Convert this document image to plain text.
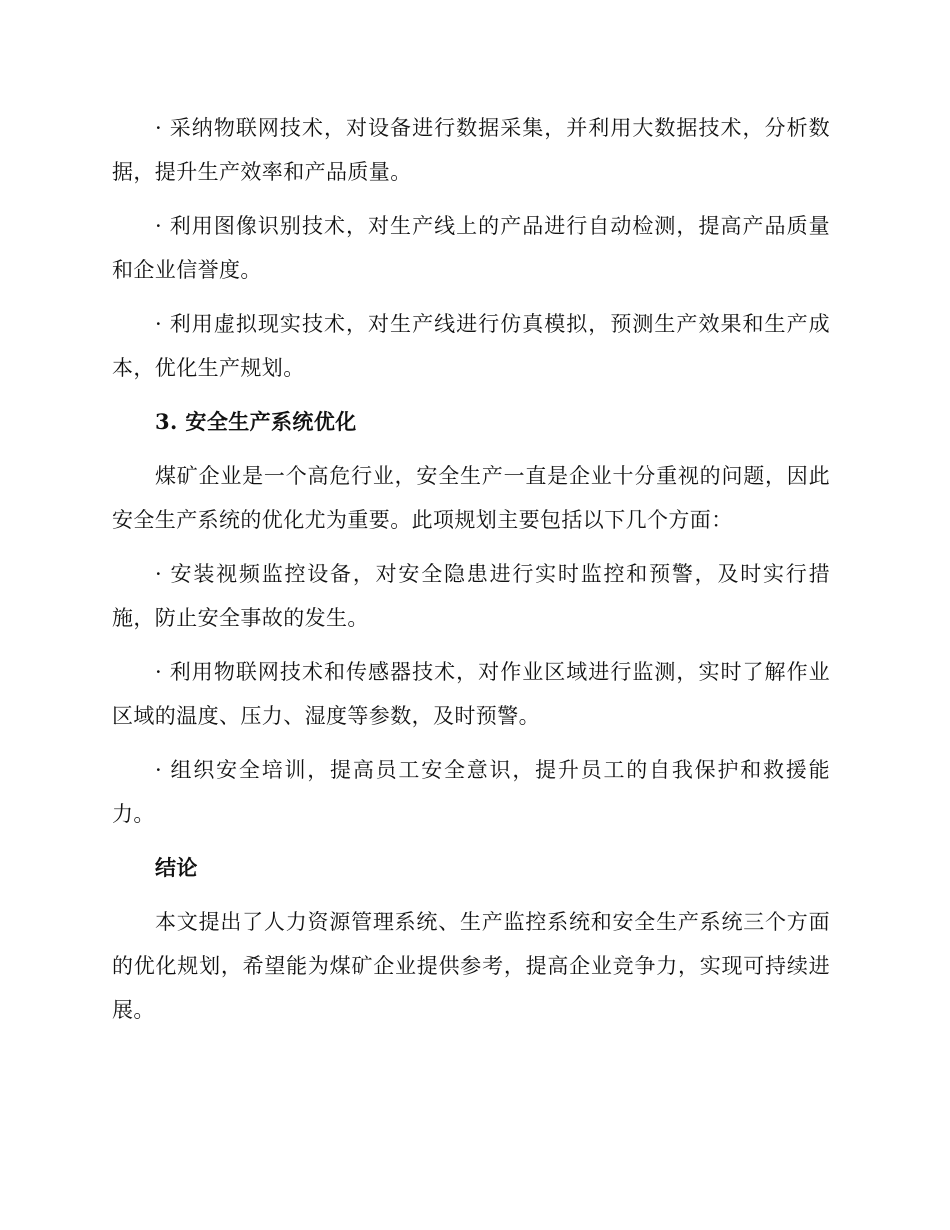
· 采纳物联网技术，对设备进行数据采集，并利用大数据技术，分析数据，提升生产效率和产品质量。

· 利用图像识别技术，对生产线上的产品进行自动检测，提高产品质量和企业信誉度。

· 利用虚拟现实技术，对生产线进行仿真模拟，预测生产效果和生产成本，优化生产规划。

3. 安全生产系统优化

煤矿企业是一个高危行业，安全生产一直是企业十分重视的问题，因此安全生产系统的优化尤为重要。此项规划主要包括以下几个方面：

· 安装视频监控设备，对安全隐患进行实时监控和预警，及时实行措施，防止安全事故的发生。

· 利用物联网技术和传感器技术，对作业区域进行监测，实时了解作业区域的温度、压力、湿度等参数，及时预警。

· 组织安全培训，提高员工安全意识，提升员工的自我保护和救援能力。

结论

本文提出了人力资源管理系统、生产监控系统和安全生产系统三个方面的优化规划，希望能为煤矿企业提供参考，提高企业竞争力，实现可持续进展。
